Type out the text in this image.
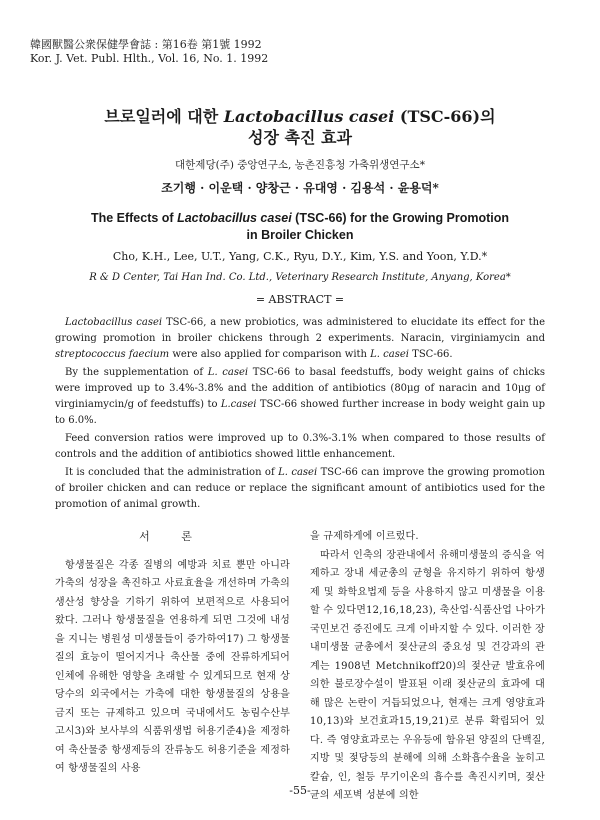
韓國獸醫公衆保健學會誌 : 第16卷 第1號 1992
Kor. J. Vet. Publ. Hlth., Vol. 16, No. 1. 1992
브로일러에 대한 Lactobacillus casei (TSC-66)의
성장 촉진 효과
대한제당(주) 중앙연구소, 농촌진흥청 가축위생연구소*
조기행 · 이운택 · 양창근 · 유대영 · 김용석 · 윤용덕*
The Effects of Lactobacillus casei (TSC-66) for the Growing Promotion
in Broiler Chicken
Cho, K.H., Lee, U.T., Yang, C.K., Ryu, D.Y., Kim, Y.S. and Yoon, Y.D.*
R & D Center, Tai Han Ind. Co. Ltd., Veterinary Research Institute, Anyang, Korea*
= ABSTRACT =

Lactobacillus casei TSC-66, a new probiotics, was administered to elucidate its effect for the growing promotion in broiler chickens through 2 experiments. Naracin, virginiamycin and streptococcus faecium were also applied for comparison with L. casei TSC-66.

By the supplementation of L. casei TSC-66 to basal feedstuffs, body weight gains of chicks were improved up to 3.4%-3.8% and the addition of antibiotics (80μg of naracin and 10μg of virginiamycin/g of feedstuffs) to L.casei TSC-66 showed further increase in body weight gain up to 6.0%.

Feed conversion ratios were improved up to 0.3%-3.1% when compared to those results of controls and the addition of antibiotics showed little enhancement.

It is concluded that the administration of L. casei TSC-66 can improve the growing promotion of broiler chicken and can reduce or replace the significant amount of antibiotics used for the promotion of animal growth.

서 론

항생물질은 각종 질병의 예방과 치료 뿐만 아니라 가축의 성장을 촉진하고 사료효율을 개선하며 가축의 생산성 향상을 기하기 위하여 보편적으로 사용되어 왔다. 그러나 항생물질을 연용하게 되면 그것에 내성을 지니는 병원성 미생물들이 증가하여17) 그 항생물질의 효능이 떨어지거나 축산물 중에 잔류하게되어 인체에 유해한 영향을 초래할 수 있게되므로 현재 상당수의 외국에서는 가축에 대한 항생물질의 상용을 금지 또는 규제하고 있으며 국내에서도 농림수산부 고시3)와 보사부의 식품위생법 허용기준4)을 제정하여 축산물중 항생제등의 잔류농도 허용기준을 제정하여 항생물질의 사용

을 규제하게에 이르렀다.

따라서 인축의 장관내에서 유해미생물의 증식을 억제하고 장내 세균총의 균형을 유지하기 위하여 항생제 및 화학요법제 등을 사용하지 않고 미생물을 이용할 수 있다면12,16,18,23), 축산업·식품산업 나아가 국민보건 증진에도 크게 이바지할 수 있다. 이러한 장내미생물 균총에서 젖산균의 중요성 및 건강과의 관계는 1908년 Metchnikoff20)의 젖산균 발효유에 의한 불로장수설이 발표된 이래 젖산균의 효과에 대해 많은 논란이 거듭되었으나, 현재는 크게 영양효과10,13)와 보건효과15,19,21)로 분류 확립되어 있다. 즉 영양효과로는 우유등에 함유된 양질의 단백질, 지방 및 젖당등의 분해에 의해 소화흡수율을 높히고 칼슘, 인, 철등 무기이온의 흡수를 촉진시키며, 젖산균의 세포벽 성분에 의한

-55-
